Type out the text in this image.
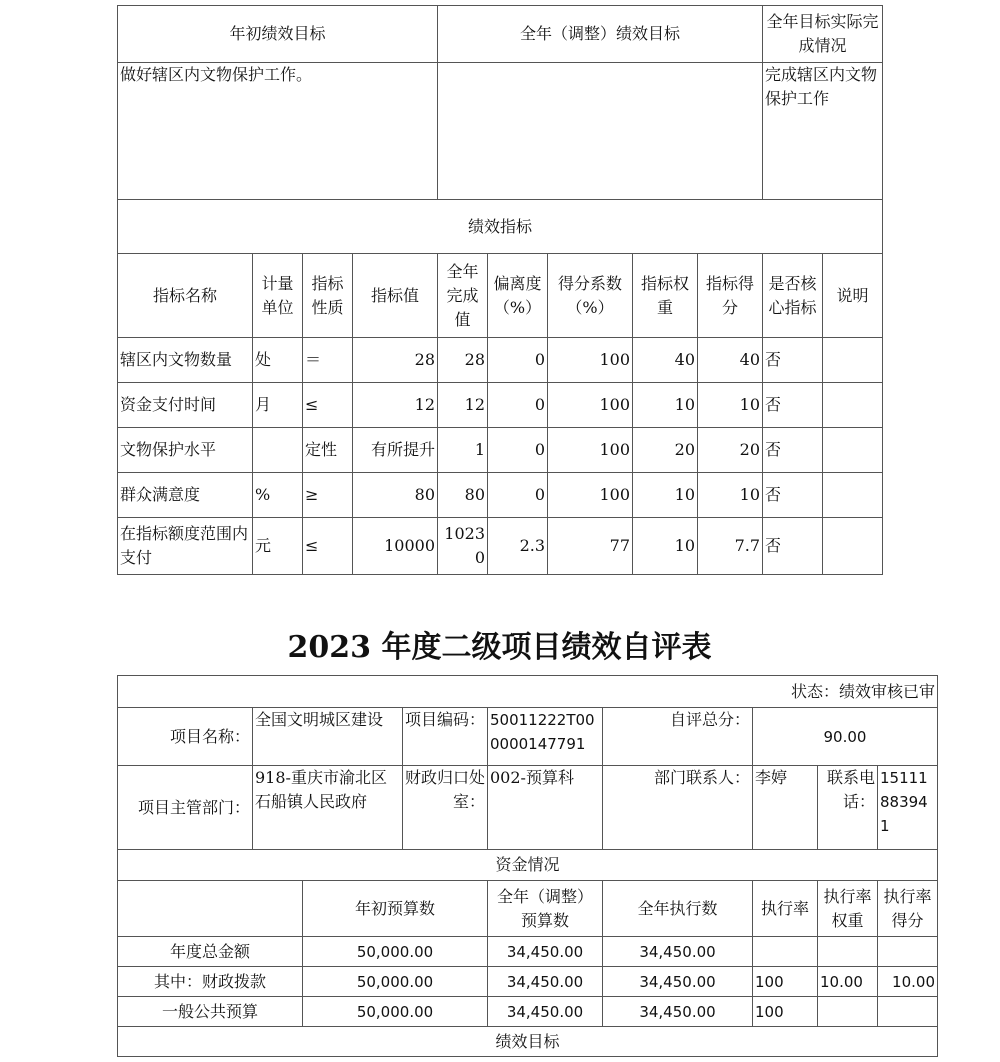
年初绩效目标				全年（调整）绩效目标					全年目标实际完成情况	
做好辖区内文物保护工作。									完成辖区内文物保护工作	
绩效指标										
指标名称	计量单位	指标性质	指标值	全年完成值	偏离度（%）	得分系数（%）	指标权重	指标得分	是否核心指标	说明
辖区内文物数量	处	＝	28	28	0	100	40	40	否	
资金支付时间	月	≤	12	12	0	100	10	10	否	
文物保护水平		定性	有所提升	1	0	100	20	20	否	
群众满意度	%	≥	80	80	0	100	10	10	否	
在指标额度范围内支付	元	≤	10000	10230	2.3	77	10	7.7	否	
2023 年度二级项目绩效自评表
状态：绩效审核已审								
项目名称：	全国文明城区建设		项目编码：	50011222T000000147791	自评总分：	90.00		
项目主管部门：	918-重庆市渝北区石船镇人民政府		财政归口处室：	002-预算科	部门联系人：	李婷	联系电话：	15111883941
资金情况								
		年初预算数		全年（调整）预算数	全年执行数	执行率	执行率权重	执行率得分
年度总金额		50,000.00		34,450.00	34,450.00			
其中：财政拨款		50,000.00		34,450.00	34,450.00	100	10.00	10.00
一般公共预算		50,000.00		34,450.00	34,450.00	100		
绩效目标								
